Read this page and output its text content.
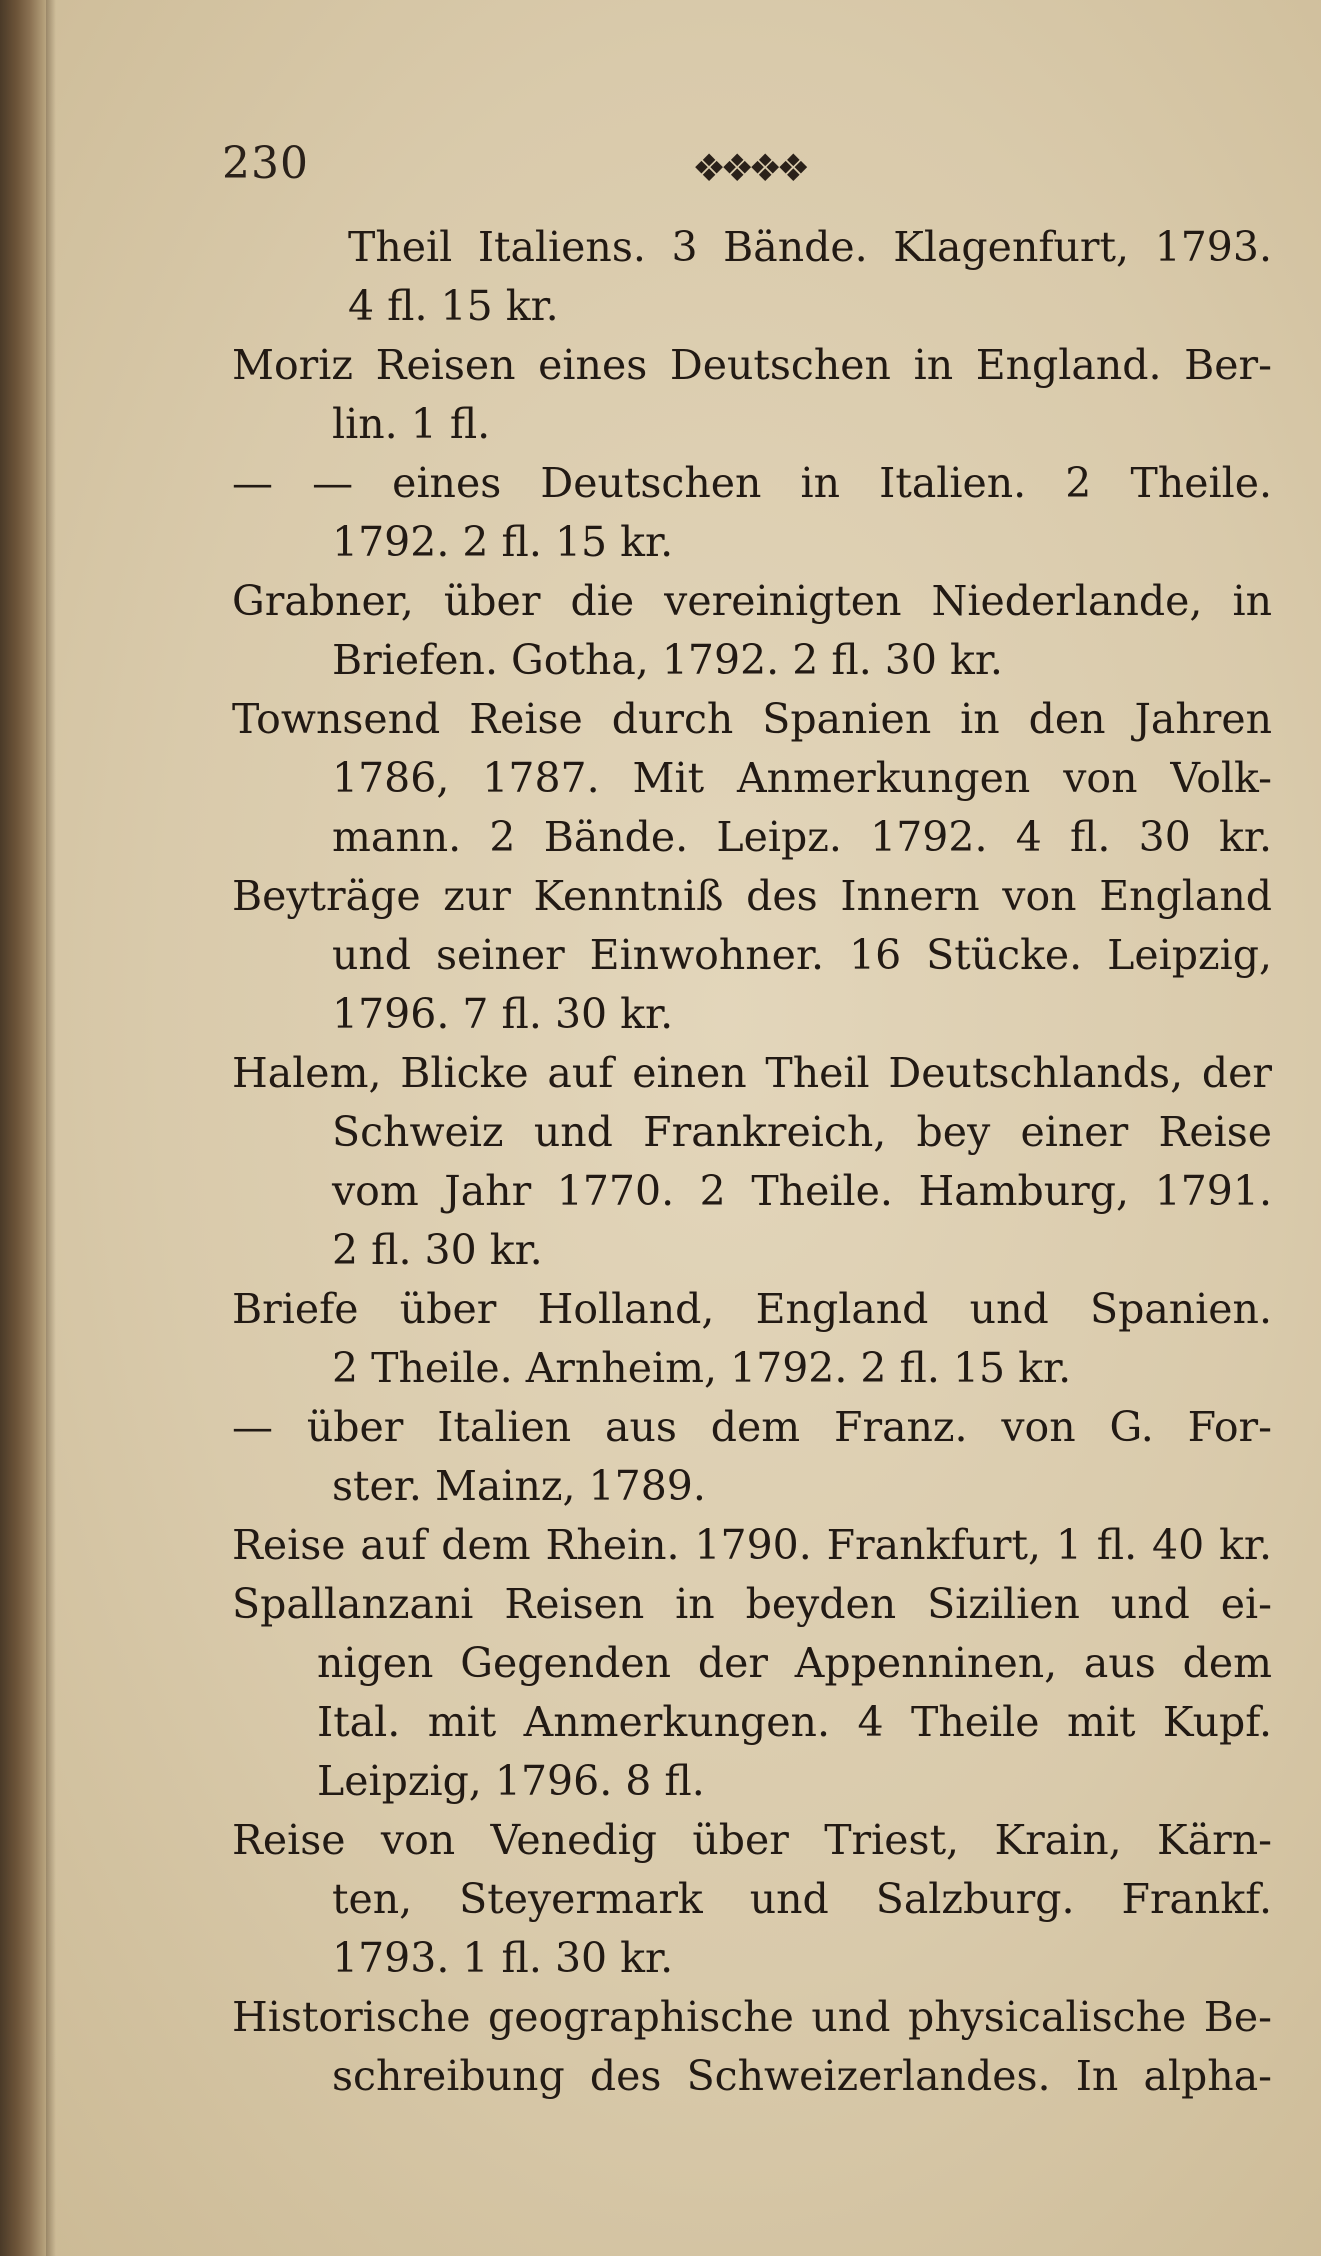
230	❖❖❖❖
Theil Italiens. 3 Bände. Klagenfurt, 1793.
4 fl. 15 kr.
Moriz Reisen eines Deutschen in England. Ber-
lin. 1 fl.
— — eines Deutschen in Italien. 2 Theile.
1792. 2 fl. 15 kr.
Grabner, über die vereinigten Niederlande, in
Briefen. Gotha, 1792. 2 fl. 30 kr.
Townsend Reise durch Spanien in den Jahren
1786, 1787. Mit Anmerkungen von Volk-
mann. 2 Bände. Leipz. 1792. 4 fl. 30 kr.
Beyträge zur Kenntniß des Innern von England
und seiner Einwohner. 16 Stücke. Leipzig,
1796. 7 fl. 30 kr.
Halem, Blicke auf einen Theil Deutschlands, der
Schweiz und Frankreich, bey einer Reise
vom Jahr 1770. 2 Theile. Hamburg, 1791.
2 fl. 30 kr.
Briefe über Holland, England und Spanien.
2 Theile. Arnheim, 1792. 2 fl. 15 kr.
— über Italien aus dem Franz. von G. For-
ster. Mainz, 1789.
Reise auf dem Rhein. 1790. Frankfurt, 1 fl. 40 kr.
Spallanzani Reisen in beyden Sizilien und ei-
nigen Gegenden der Appenninen, aus dem
Ital. mit Anmerkungen. 4 Theile mit Kupf.
Leipzig, 1796. 8 fl.
Reise von Venedig über Triest, Krain, Kärn-
ten, Steyermark und Salzburg. Frankf.
1793. 1 fl. 30 kr.
Historische geographische und physicalische Be-
schreibung des Schweizerlandes. In alpha-
